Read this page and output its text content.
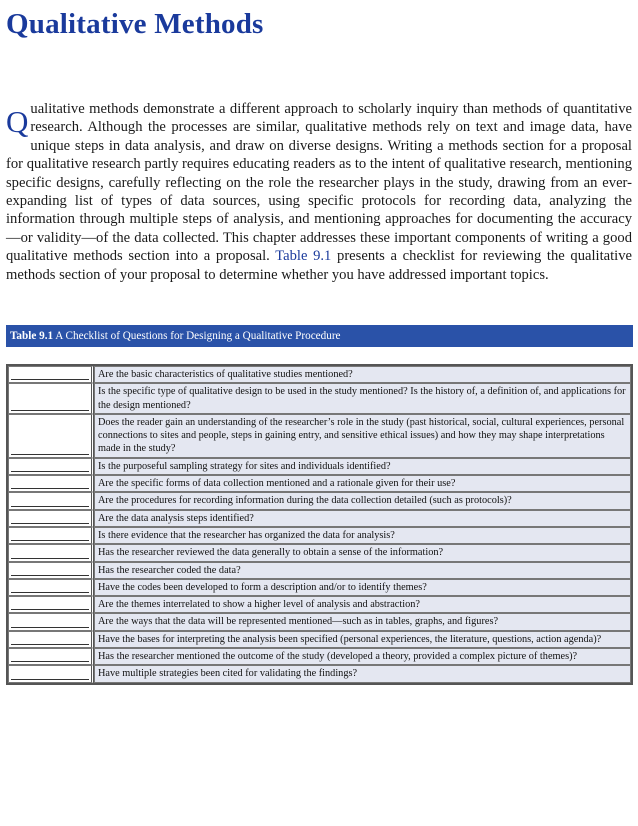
Qualitative Methods

Qualitative methods demonstrate a different approach to scholarly inquiry than methods of quantitative research. Although the processes are similar, qualitative methods rely on text and image data, have unique steps in data analysis, and draw on diverse designs. Writing a methods section for a proposal for qualitative research partly requires educating readers as to the intent of qualitative research, mentioning specific designs, carefully reflecting on the role the researcher plays in the study, drawing from an ever-expanding list of types of data sources, using specific protocols for recording data, analyzing the information through multiple steps of analysis, and mentioning approaches for documenting the accuracy—or validity—of the data collected. This chapter addresses these important components of writing a good qualitative methods section into a proposal. Table 9.1 presents a checklist for reviewing the qualitative methods section of your proposal to determine whether you have addressed important topics.

Table 9.1 A Checklist of Questions for Designing a Qualitative Procedure

	Are the basic characteristics of qualitative studies mentioned?

	Is the specific type of qualitative design to be used in the study mentioned? Is the history of, a definition of, and applications for the design mentioned?

	Does the reader gain an understanding of the researcher’s role in the study (past historical, social, cultural experiences, personal connections to sites and people, steps in gaining entry, and sensitive ethical issues) and how they may shape interpretations made in the study?

	Is the purposeful sampling strategy for sites and individuals identified?

	Are the specific forms of data collection mentioned and a rationale given for their use?

	Are the procedures for recording information during the data collection detailed (such as protocols)?

	Are the data analysis steps identified?

	Is there evidence that the researcher has organized the data for analysis?

	Has the researcher reviewed the data generally to obtain a sense of the information?

	Has the researcher coded the data?

	Have the codes been developed to form a description and/or to identify themes?

	Are the themes interrelated to show a higher level of analysis and abstraction?

	Are the ways that the data will be represented mentioned—such as in tables, graphs, and figures?

	Have the bases for interpreting the analysis been specified (personal experiences, the literature, questions, action agenda)?

	Has the researcher mentioned the outcome of the study (developed a theory, provided a complex picture of themes)?

	Have multiple strategies been cited for validating the findings?
